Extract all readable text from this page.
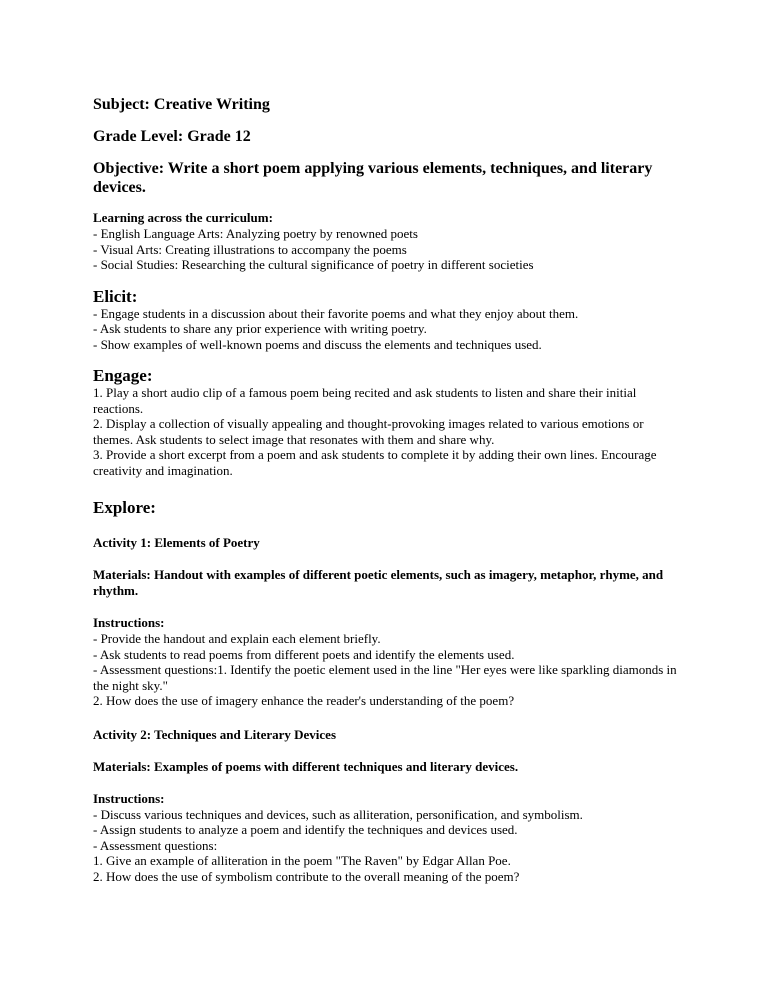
Subject: Creative Writing
Grade Level: Grade 12
Objective: Write a short poem applying various elements, techniques, and literary devices.
Learning across the curriculum:
- English Language Arts: Analyzing poetry by renowned poets
- Visual Arts: Creating illustrations to accompany the poems
- Social Studies: Researching the cultural significance of poetry in different societies
Elicit:
- Engage students in a discussion about their favorite poems and what they enjoy about them.
- Ask students to share any prior experience with writing poetry.
- Show examples of well-known poems and discuss the elements and techniques used.
Engage:
1. Play a short audio clip of a famous poem being recited and ask students to listen and share their initial reactions.
2. Display a collection of visually appealing and thought-provoking images related to various emotions or themes. Ask students to select image that resonates with them and share why.
3. Provide a short excerpt from a poem and ask students to complete it by adding their own lines. Encourage creativity and imagination.
Explore:
Activity 1: Elements of Poetry
Materials: Handout with examples of different poetic elements, such as imagery, metaphor, rhyme, and rhythm.
Instructions:
- Provide the handout and explain each element briefly.
- Ask students to read poems from different poets and identify the elements used.
- Assessment questions:1. Identify the poetic element used in the line "Her eyes were like sparkling diamonds in the night sky."
2. How does the use of imagery enhance the reader's understanding of the poem?
Activity 2: Techniques and Literary Devices
Materials: Examples of poems with different techniques and literary devices.
Instructions:
- Discuss various techniques and devices, such as alliteration, personification, and symbolism.
- Assign students to analyze a poem and identify the techniques and devices used.
- Assessment questions:
1. Give an example of alliteration in the poem "The Raven" by Edgar Allan Poe.
2. How does the use of symbolism contribute to the overall meaning of the poem?
